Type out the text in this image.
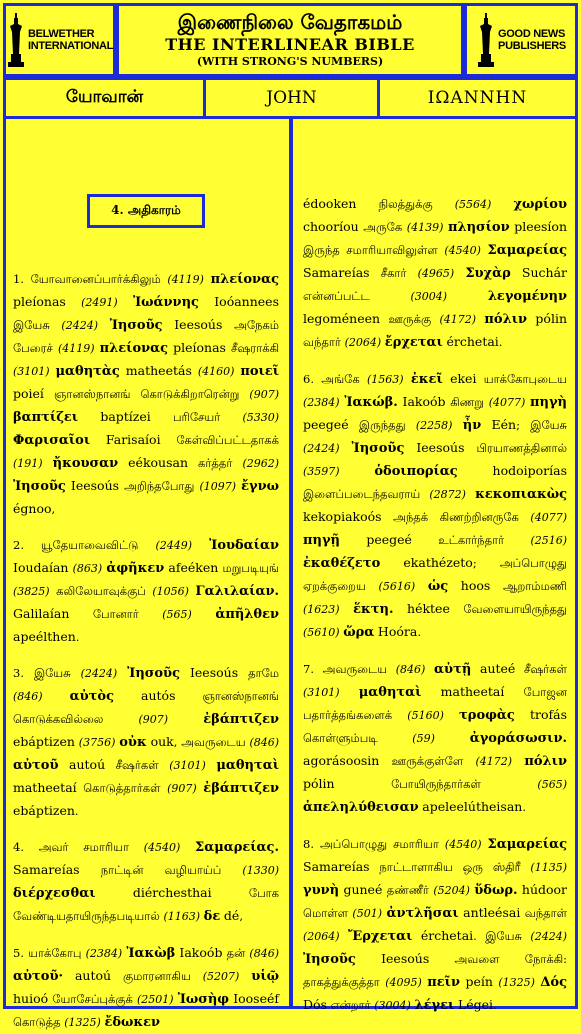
BELWETHER
INTERNATIONAL
இணைநிலை வேதாகமம்
THE INTERLINEAR BIBLE
(WITH STRONG'S NUMBERS)
GOOD NEWS
PUBLISHERS
யோவான்	JOHN	IΩANNHN
4. அதிகாரம்

1. யோவானைப்பார்க்கிலும் (4119) πλείονας pleíonas (2491) Ἰωάννης Ioóannees இயேசு (2424) Ἰησοῦς Ieesoús அநேகம் பேரைச் (4119) πλείονας pleíonas சீஷராக்கி (3101) μαθητὰς matheetás (4160) ποιεῖ poieí ஞானஸ்நானங் கொடுக்கிறாரென்று (907) βαπτίζει baptízei பரிசேயர் (5330) Φαρισαῖοι Farisaíoi கேள்விப்பட்டதாகக் (191) ἤκουσαν eékousan கர்த்தர் (2962) Ἰησοῦς Ieesoús அறிந்தபோது (1097) ἔγνω égnoo,

2. யூதேயாவைவிட்டு (2449) Ἰουδαίαν Ioudaían (863) ἀφῆκεν afeéken மறுபடியுங் (3825) கலிலேயாவுக்குப் (1056) Γαλιλαίαν. Galilaían போனார் (565) ἀπῆλθεν apeélthen.

3. இயேசு (2424) Ἰησοῦς Ieesoús தாமே (846) αὐτὸς autós ஞானஸ்நானங் கொடுக்கவில்லை (907)	ἐβάπτιζεν ebáptizen (3756) οὐκ ouk, அவருடைய (846) αὐτοῦ autoú சீஷர்கள் (3101) μαθηταὶ matheetaí கொடுத்தார்கள் (907) ἐβάπτιζεν ebáptizen.

4. அவர் சமாரியா (4540) Σαμαρείας. Samareías நாட்டின் வழியாய்ப் (1330) διέρχεσθαι	diérchesthai போக வேண்டியதாயிருந்தபடியால் (1163) δε dé,

5. யாக்கோபு (2384) Ἰακὼβ Iakoób தன் (846) αὐτοῦ· autoú குமாரனாகிய (5207) υἱῷ huioó யோசேப்புக்குக் (2501) Ἰωσὴφ Iooseéf கொடுத்த (1325) ἔδωκεν

édooken நிலத்துக்கு (5564) χωρίου chooríou அருகே (4139) πλησίον pleesíon இருந்த சமாரியாவிலுள்ள (4540) Σαμαρείας Samareías சீகார் (4965) Συχὰρ Suchár என்னப்பட்ட (3004)	λεγομένην legoméneen ஊருக்கு (4172) πόλιν pólin வந்தார் (2064) ἔρχεται érchetai.

6. அங்கே (1563) ἐκεῖ ekei யாக்கோபுடைய (2384) Ἰακώβ. Iakoób கிணறு (4077) πηγὴ peegeé இருந்தது (2258) ἦν Eén; இயேசு (2424) Ἰησοῦς Ieesoús பிரயாணத்தினால் (3597)	ὁδοιπορίας	hodoiporías இளைப்படைந்தவராய் (2872) κεκοπιακὼς kekopiakoós அந்தக் கிணற்றினருகே (4077) πηγῇ peegeé உட்கார்ந்தார் (2516) ἐκαθέζετο ekathézeto; அப்பொழுது ஏறக்குறைய (5616) ὡς hoos ஆறாம்மணி (1623) ἕκτη. héktee வேளையாயிருந்தது (5610) ὥρα Hoóra.

7. அவருடைய (846) αὐτῇ auteé சீஷர்கள் (3101) μαθηταὶ matheetaí போஜன பதார்த்தங்களைக் (5160) τροφὰς trofás கொள்ளும்படி (59)	ἀγοράσωσιν. agorásoosin ஊருக்குள்ளே (4172) πόλιν pólin போயிருந்தார்கள் (565) ἀπεληλύθεισαν apeleelútheisan.

8. அப்பொழுது சமாரியா (4540) Σαμαρείας Samareías நாட்டாளாகிய ஒரு ஸ்திரீ (1135) γυνὴ guneé தண்ணீர் (5204) ὕδωρ. húdoor மொள்ள (501) ἀντλῆσαι antleésai வந்தாள் (2064) Ἔρχεται érchetai. இயேசு (2424) Ἰησοῦς Ieesoús அவளை நோக்கி: தாகத்துக்குத்தா (4095) πεῖν peín (1325) Δός Dós என்றார் (3004) λέγει Légei.
